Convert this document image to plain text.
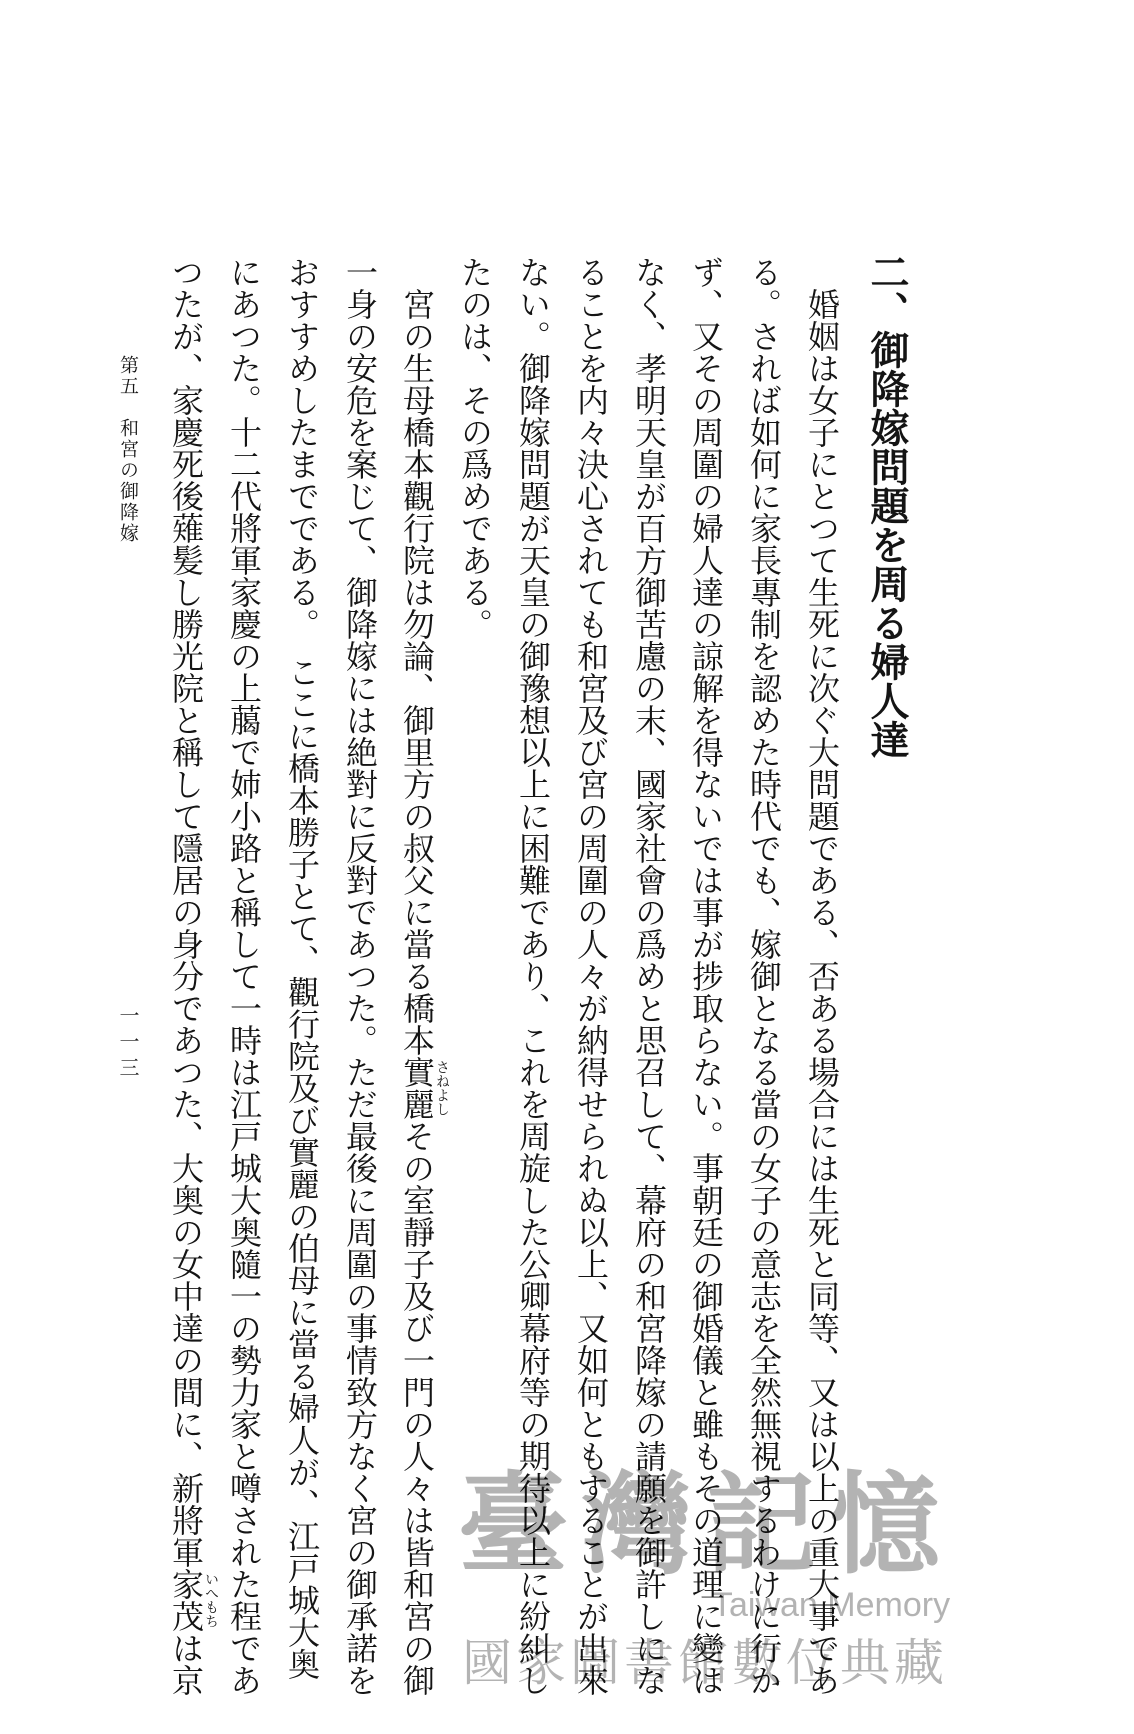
二、御降嫁問題を周る婦人達
婚姻は女子にとつて生死に次ぐ大問題である、否ある場合には生死と同等、又は以上の重大事であ
る。されば如何に家長專制を認めた時代でも、嫁御となる當の女子の意志を全然無視するわけに行か
ず、又その周圍の婦人達の諒解を得ないでは事が捗取らない。事朝廷の御婚儀と雖もその道理に變は
なく、孝明天皇が百方御苦慮の末、國家社會の爲めと思召して、幕府の和宮降嫁の請願を御許しにな
ることを内々決心されても和宮及び宮の周圍の人々が納得せられぬ以上、又如何ともすることが出來
ない。御降嫁問題が天皇の御豫想以上に困難であり、これを周旋した公卿幕府等の期待以上に紛糾し
たのは、その爲めである。
宮の生母橋本觀行院は勿論、御里方の叔父に當る橋本實麗その室靜子及び一門の人々は皆和宮の御
さねよし
一身の安危を案じて、御降嫁には絶對に反對であつた。ただ最後に周圍の事情致方なく宮の御承諾を
おすすめしたまでである。　ここに橋本勝子とて、觀行院及び實麗の伯母に當る婦人が、江戸城大奥
にあつた。十二代將軍家慶の上﨟で姉小路と稱して一時は江戸城大奥隨一の勢力家と噂された程であ
つたが、家慶死後薙髪し勝光院と稱して隱居の身分であつた、大奥の女中達の間に、新將軍家茂は京
いへもち
第五　和宮の御降嫁
一一三
臺灣記憶
Taiwan Memory
國家圖書館數位典藏
